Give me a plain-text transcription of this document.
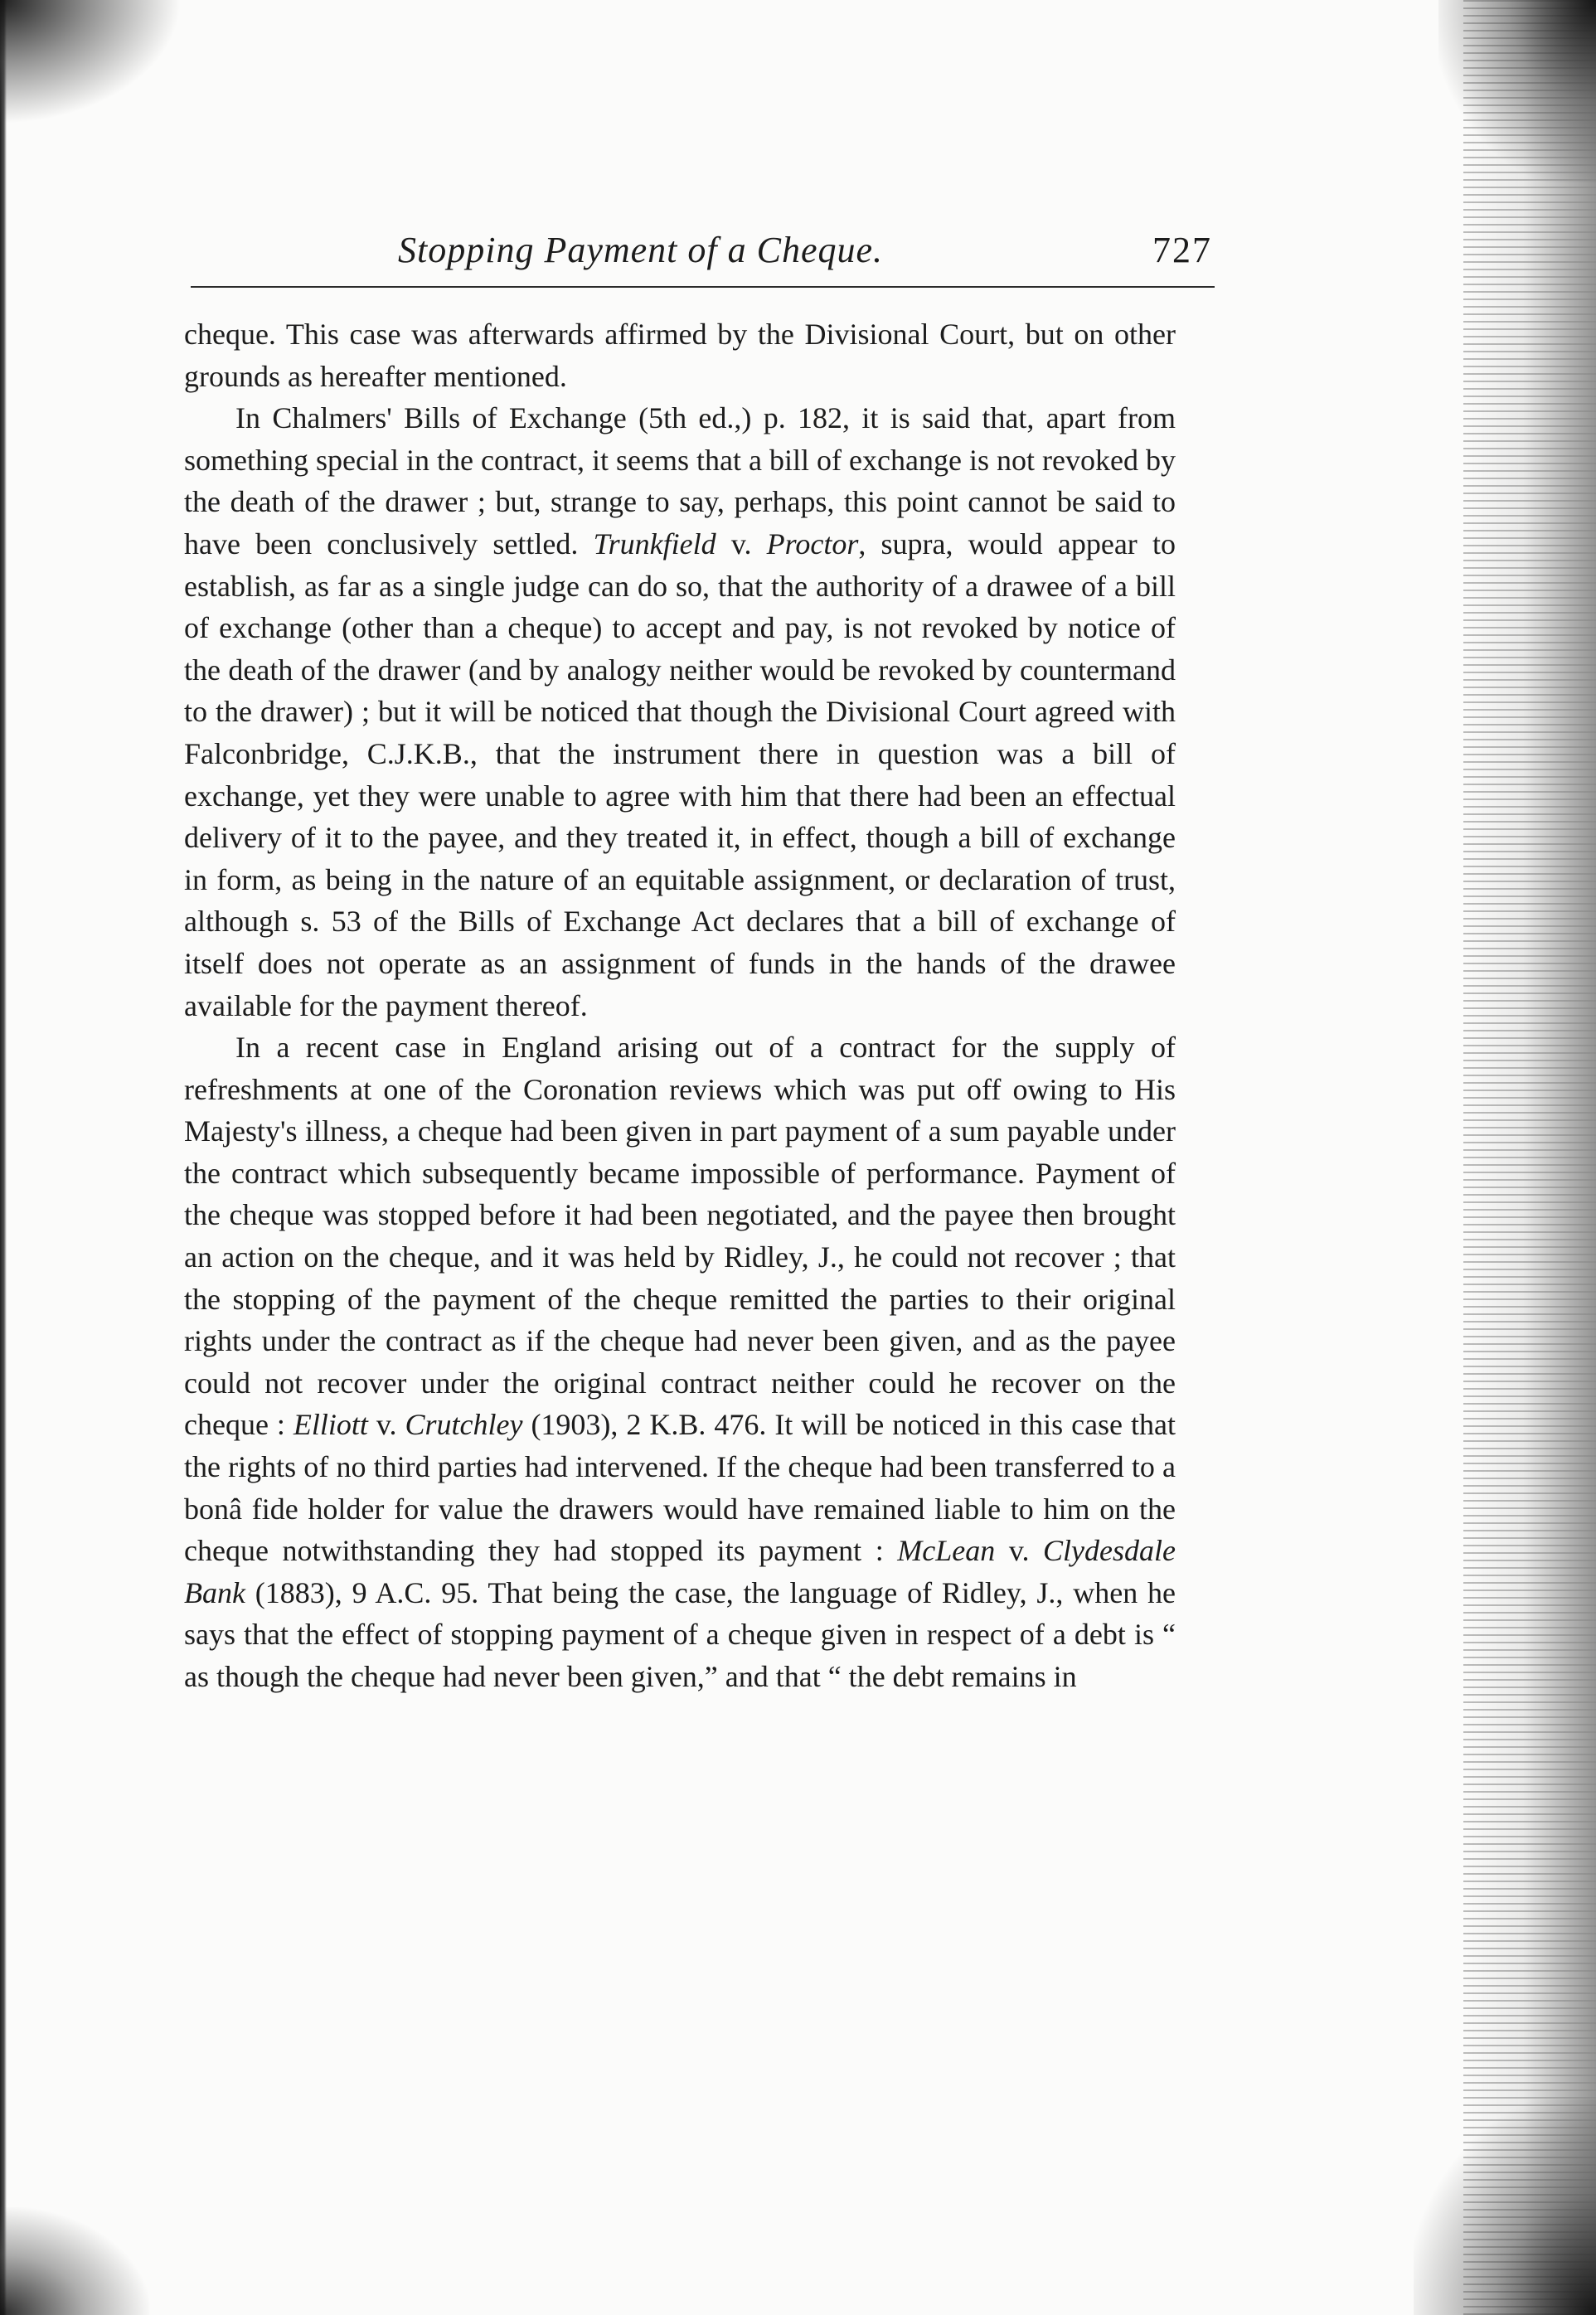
Stopping Payment of a Cheque.	727

cheque. This case was afterwards affirmed by the Divisional Court, but on other grounds as hereafter mentioned.

In Chalmers' Bills of Exchange (5th ed.,) p. 182, it is said that, apart from something special in the contract, it seems that a bill of exchange is not revoked by the death of the drawer ; but, strange to say, perhaps, this point cannot be said to have been conclusively settled. Trunkfield v. Proctor, supra, would appear to establish, as far as a single judge can do so, that the authority of a drawee of a bill of exchange (other than a cheque) to accept and pay, is not revoked by notice of the death of the drawer (and by analogy neither would be revoked by countermand to the drawer) ; but it will be noticed that though the Divisional Court agreed with Falconbridge, C.J.K.B., that the instrument there in question was a bill of exchange, yet they were unable to agree with him that there had been an effectual delivery of it to the payee, and they treated it, in effect, though a bill of exchange in form, as being in the nature of an equitable assignment, or declaration of trust, although s. 53 of the Bills of Exchange Act declares that a bill of exchange of itself does not operate as an assignment of funds in the hands of the drawee available for the payment thereof.

In a recent case in England arising out of a contract for the supply of refreshments at one of the Coronation reviews which was put off owing to His Majesty's illness, a cheque had been given in part payment of a sum payable under the contract which subsequently became impossible of performance. Payment of the cheque was stopped before it had been negotiated, and the payee then brought an action on the cheque, and it was held by Ridley, J., he could not recover ; that the stopping of the payment of the cheque remitted the parties to their original rights under the contract as if the cheque had never been given, and as the payee could not recover under the original contract neither could he recover on the cheque : Elliott v. Crutchley (1903), 2 K.B. 476. It will be noticed in this case that the rights of no third parties had intervened. If the cheque had been transferred to a bonâ fide holder for value the drawers would have remained liable to him on the cheque notwithstanding they had stopped its payment : McLean v. Clydesdale Bank (1883), 9 A.C. 95. That being the case, the language of Ridley, J., when he says that the effect of stopping payment of a cheque given in respect of a debt is “ as though the cheque had never been given,” and that “ the debt remains in
